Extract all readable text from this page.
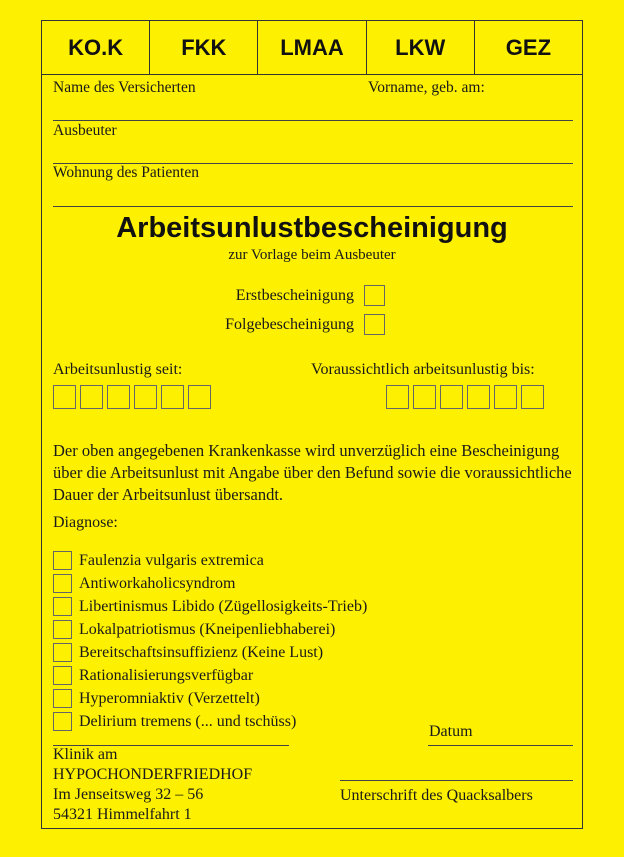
KO.K	FKK	LMAA	LKW	GEZ
Name des Versicherten	Vorname, geb. am:
Ausbeuter
Wohnung des Patienten
Arbeitsunlustbescheinigung
zur Vorlage beim Ausbeuter
Erstbescheinigung
Folgebescheinigung
Arbeitsunlustig seit:	Voraussichtlich arbeitsunlustig bis:
Der oben angegebenen Krankenkasse wird unverzüglich eine Bescheinigung über die Arbeitsunlust mit Angabe über den Befund sowie die voraussichtliche Dauer der Arbeitsunlust übersandt.
Diagnose:
Faulenzia vulgaris extremica
Antiworkaholicsyndrom
Libertinismus Libido (Zügellosigkeits-Trieb)
Lokalpatriotismus (Kneipenliebhaberei)
Bereitschaftsinsuffizienz (Keine Lust)
Rationalisierungsverfügbar
Hyperomniaktiv (Verzettelt)
Delirium tremens (... und tschüss)
Datum
Klinik am
HYPOCHONDERFRIEDHOF
Im Jenseitsweg 32 – 56
54321 Himmelfahrt 1
Unterschrift des Quacksalbers
